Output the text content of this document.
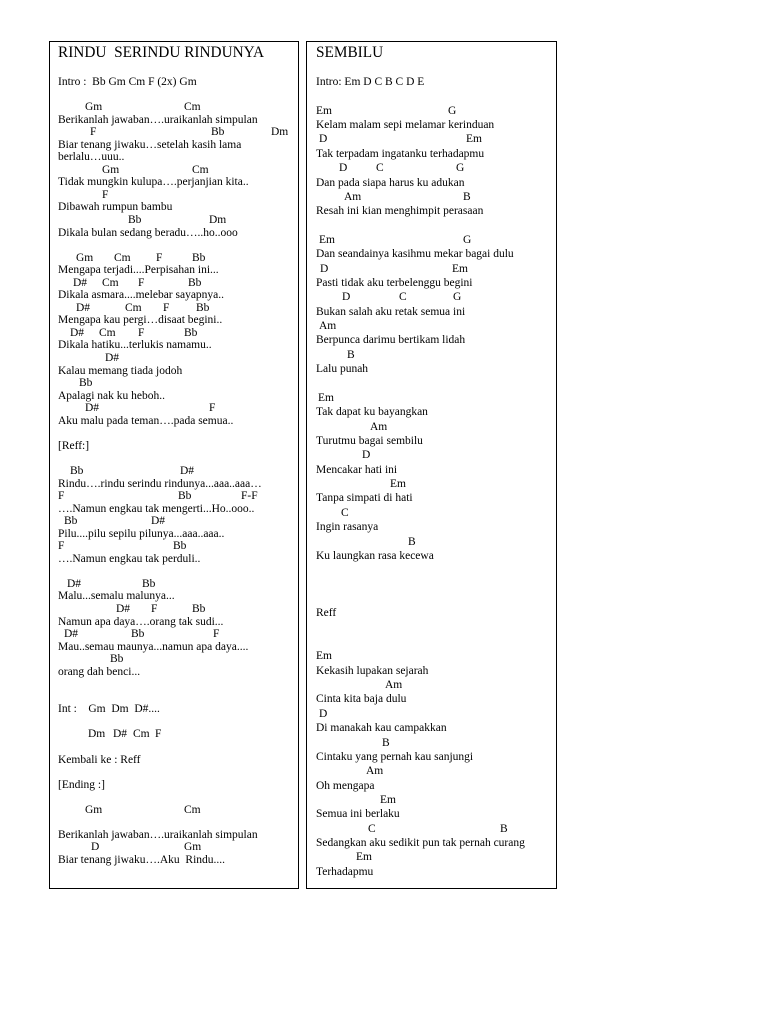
RINDU  SERINDU RINDUNYA
Intro :  Bb Gm Cm F (2x) Gm
Gm	Cm
Berikanlah jawaban….uraikanlah simpulan
F	Bb	Dm
Biar tenang jiwaku…setelah kasih lama
berlalu…uuu..
Gm	Cm
Tidak mungkin kulupa….perjanjian kita..
F
Dibawah rumpun bambu
Bb	Dm
Dikala bulan sedang beradu…..ho..ooo
Gm Cm F	Bb
Mengapa terjadi....Perpisahan ini...
D# Cm F	Bb
Dikala asmara....melebar sayapnya..
D#	Cm F Bb
Mengapa kau pergi…disaat begini..
D# Cm F	Bb
Dikala hatiku...terlukis namamu..
D#
Kalau memang tiada jodoh
Bb
Apalagi nak ku heboh..
D#	F
Aku malu pada teman….pada semua..
[Reff:]
Bb	D#
Rindu….rindu serindu rindunya...aaa..aaa…
F	Bb	F-F
….Namun engkau tak mengerti...Ho..ooo..
Bb	D#
Pilu....pilu sepilu pilunya...aaa..aaa..
F	Bb
….Namun engkau tak perduli..
D#	Bb
Malu...semalu malunya...
D# F	Bb
Namun apa daya….orang tak sudi...
D#	Bb	F
Mau..semau maunya...namun apa daya....
Bb
orang dah benci...
Int :    Gm  Dm  D#....
Dm D# Cm F
Kembali ke : Reff
[Ending :]
Gm	Cm
Berikanlah jawaban….uraikanlah simpulan
D	Gm
Biar tenang jiwaku….Aku  Rindu....
SEMBILU
Intro: Em D C B C D E
Em	G
Kelam malam sepi melamar kerinduan
D	Em
Tak terpadam ingatanku terhadapmu
D C	G
Dan pada siapa harus ku adukan
Am	B
Resah ini kian menghimpit perasaan
Em	G
Dan seandainya kasihmu mekar bagai dulu
D	Em
Pasti tidak aku terbelenggu begini
D	C	G
Bukan salah aku retak semua ini
Am
Berpunca darimu bertikam lidah
B
Lalu punah
Em
Tak dapat ku bayangkan
Am
Turutmu bagai sembilu
D
Mencakar hati ini
Em
Tanpa simpati di hati
C
Ingin rasanya
B
Ku laungkan rasa kecewa
Reff
Em
Kekasih lupakan sejarah
Am
Cinta kita baja dulu
D
Di manakah kau campakkan
B
Cintaku yang pernah kau sanjungi
Am
Oh mengapa
Em
Semua ini berlaku
C	B
Sedangkan aku sedikit pun tak pernah curang
Em
Terhadapmu
